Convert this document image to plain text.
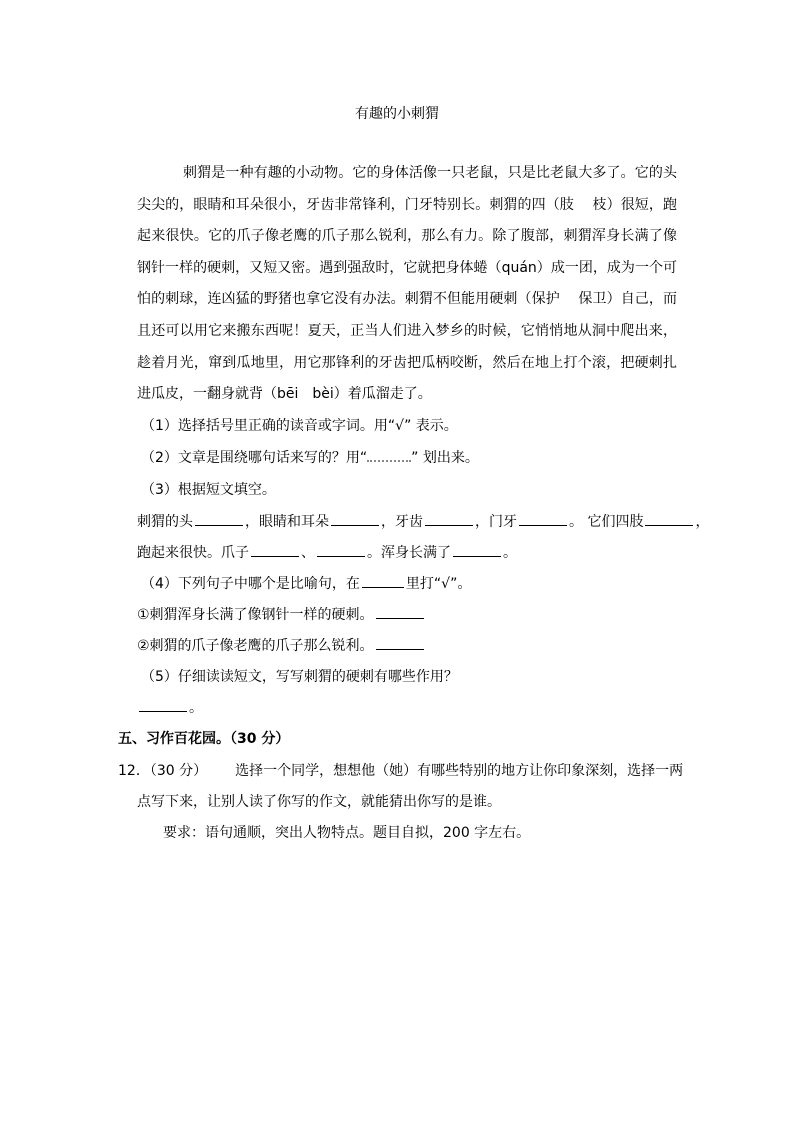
有趣的小刺猬
刺猬是一种有趣的小动物。它的身体活像一只老鼠，只是比老鼠大多了。它的头
尖尖的，眼睛和耳朵很小，牙齿非常锋利，门牙特别长。刺猬的四（肢　 枝）很短，跑
起来很快。它的爪子像老鹰的爪子那么锐利，那么有力。除了腹部，刺猬浑身长满了像
钢针一样的硬刺，又短又密。遇到强敌时，它就把身体蜷（quán）成一团，成为一个可
怕的刺球，连凶猛的野猪也拿它没有办法。刺猬不但能用硬刺（保护　 保卫）自己，而
且还可以用它来搬东西呢！夏天，正当人们进入梦乡的时候，它悄悄地从洞中爬出来，
趁着月光，窜到瓜地里，用它那锋利的牙齿把瓜柄咬断，然后在地上打个滚，把硬刺扎
进瓜皮，一翻身就背（bēi　bèi）着瓜溜走了。
（1）选择括号里正确的读音或字词。用“√” 表示。
（2）文章是围绕哪句话来写的？用“	” 划出来。
（3）根据短文填空。
刺猬的头	，眼睛和耳朵	，牙齿	，门牙	。 它们四肢	，
跑起来很快。爪子	、	。浑身长满了	。
（4）下列句子中哪个是比喻句，在	里打“√”。
①刺猬浑身长满了像钢针一样的硬刺。
②刺猬的爪子像老鹰的爪子那么锐利。
（5）仔细读读短文，写写刺猬的硬刺有哪些作用？
。
五、习作百花园。（30 分）
12．（30 分） 选择一个同学，想想他（她）有哪些特别的地方让你印象深刻，选择一两
点写下来，让别人读了你写的作文，就能猜出你写的是谁。
要求：语句通顺，突出人物特点。题目自拟，200 字左右。
